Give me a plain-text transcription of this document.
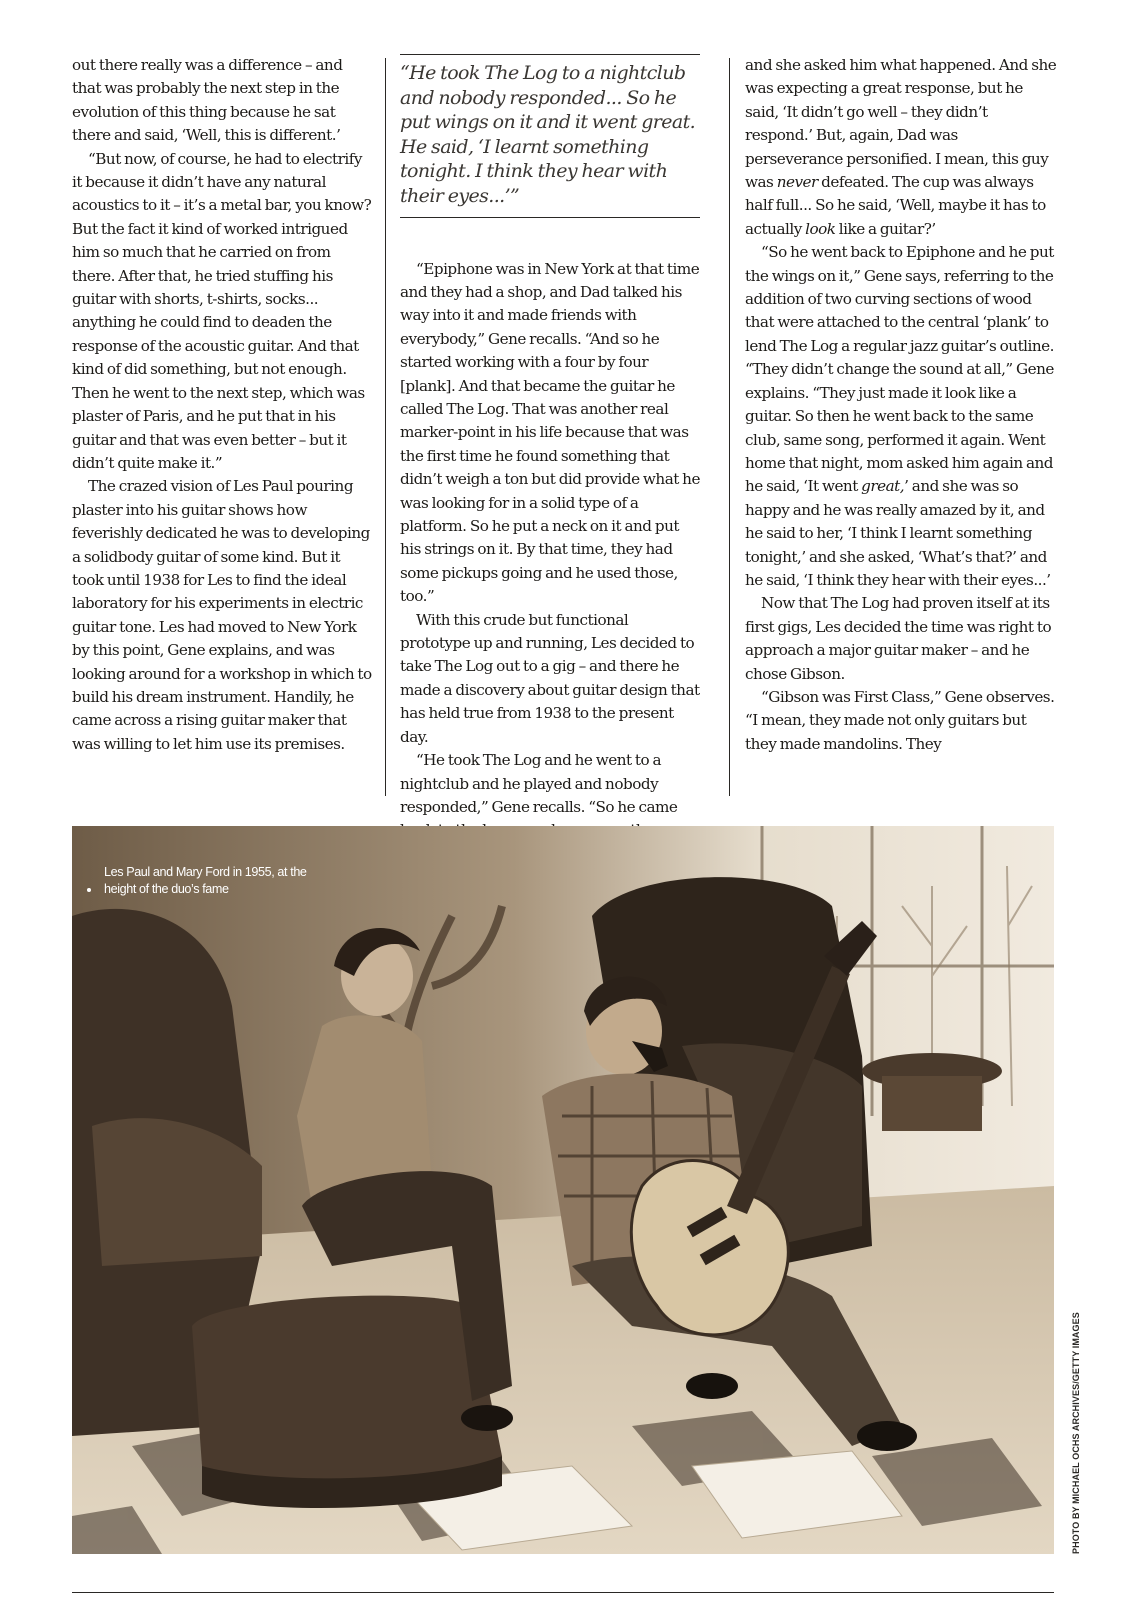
out there really was a difference – and that was probably the next step in the evolution of this thing because he sat there and said, ‘Well, this is different.’

“But now, of course, he had to electrify it because it didn’t have any natural acoustics to it – it’s a metal bar, you know? But the fact it kind of worked intrigued him so much that he carried on from there. After that, he tried stuffing his guitar with shorts, t-shirts, socks... anything he could find to deaden the response of the acoustic guitar. And that kind of did something, but not enough. Then he went to the next step, which was plaster of Paris, and he put that in his guitar and that was even better – but it didn’t quite make it.”

The crazed vision of Les Paul pouring plaster into his guitar shows how feverishly dedicated he was to developing a solidbody guitar of some kind. But it took until 1938 for Les to find the ideal laboratory for his experiments in electric guitar tone. Les had moved to New York by this point, Gene explains, and was looking around for a workshop in which to build his dream instrument. Handily, he came across a rising guitar maker that was willing to let him use its premises.

“He took The Log to a nightclub and nobody responded... So he put wings on it and it went great. He said, ‘I learnt something tonight. I think they hear with their eyes...’”

“Epiphone was in New York at that time and they had a shop, and Dad talked his way into it and made friends with everybody,” Gene recalls. “And so he started working with a four by four [plank]. And that became the guitar he called The Log. That was another real marker-point in his life because that was the first time he found something that didn’t weigh a ton but did provide what he was looking for in a solid type of a platform. So he put a neck on it and put his strings on it. By that time, they had some pickups going and he used those, too.”

With this crude but functional prototype up and running, Les decided to take The Log out to a gig – and there he made a discovery about guitar design that has held true from 1938 to the present day.

“He took The Log and he went to a nightclub and he played and nobody responded,” Gene recalls. “So he came

and she asked him what happened. And she was expecting a great response, but he said, ‘It didn’t go well – they didn’t respond.’ But, again, Dad was perseverance personified. I mean, this guy was never defeated. The cup was always half full... So he said, ‘Well, maybe it has to actually look like a guitar?’

“So he went back to Epiphone and he put the wings on it,” Gene says, referring to the addition of two curving sections of wood that were attached to the central ‘plank’ to lend The Log a regular jazz guitar’s outline. “They didn’t change the sound at all,” Gene explains. “They just made it look like a guitar. So then he went back to the same club, same song, performed it again. Went home that night, mom asked him again and he said, ‘It went great,’ and she was so happy and he was really amazed by it, and he said to her, ‘I think I learnt something tonight,’ and she asked, ‘What’s that?’ and he said, ‘I think they hear with their eyes...’

Now that The Log had proven itself at its first gigs, Les decided the time was right to approach a major guitar maker – and he chose Gibson.

“Gibson was First Class,” Gene observes. “I mean, they made not only guitars but they made mandolins. They

Les Paul and Mary Ford in 1955, at the height of the duo’s fame

PHOTO BY MICHAEL OCHS ARCHIVES/GETTY IMAGES
